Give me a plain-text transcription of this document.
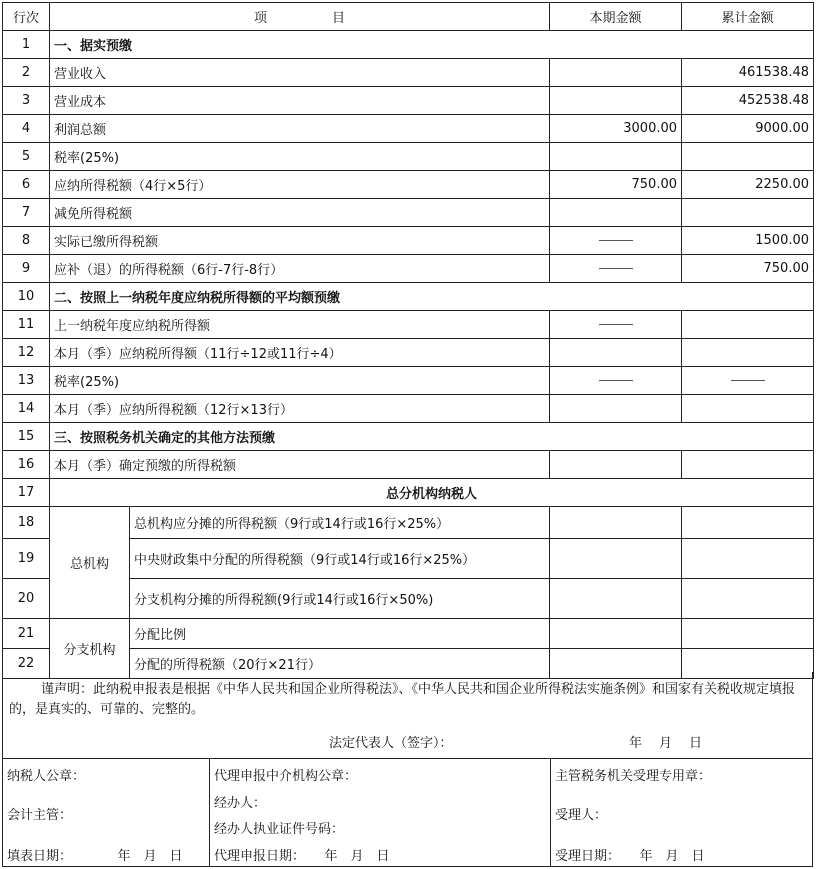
行次	项　　　　　目		本期金额	累计金额
1	一、据实预缴			
2	营业收入			461538.48
3	营业成本			452538.48
4	利润总额		3000.00	9000.00
5	税率(25%)			
6	应纳所得税额（4行×5行）		750.00	2250.00
7	减免所得税额			
8	实际已缴所得税额			1500.00
9	应补（退）的所得税额（6行-7行-8行）			750.00
10	二、按照上一纳税年度应纳税所得额的平均额预缴			
11	上一纳税年度应纳税所得额			
12	本月（季）应纳税所得额（11行÷12或11行÷4）			
13	税率(25%)			
14	本月（季）应纳所得税额（12行×13行）			
15	三、按照税务机关确定的其他方法预缴			
16	本月（季）确定预缴的所得税额			
17	总分机构纳税人			
18	总机构	总机构应分摊的所得税额（9行或14行或16行×25%）		
19		中央财政集中分配的所得税额（9行或14行或16行×25%）		
20		分支机构分摊的所得税额(9行或14行或16行×50%)		
21	分支机构	分配比例		
22		分配的所得税额（20行×21行）		
谨声明：此纳税申报表是根据《中华人民共和国企业所得税法》、《中华人民共和国企业所得税法实施条例》和国家有关税收规定填报的，是真实的、可靠的、完整的。
法定代表人（签字）：	年　月　日
纳税人公章：
会计主管：
填表日期：　　　　年　月　日
代理申报中介机构公章：
经办人：
经办人执业证件号码：
代理申报日期：　　年　月　日
主管税务机关受理专用章：
受理人：
受理日期：　　年　月　日
